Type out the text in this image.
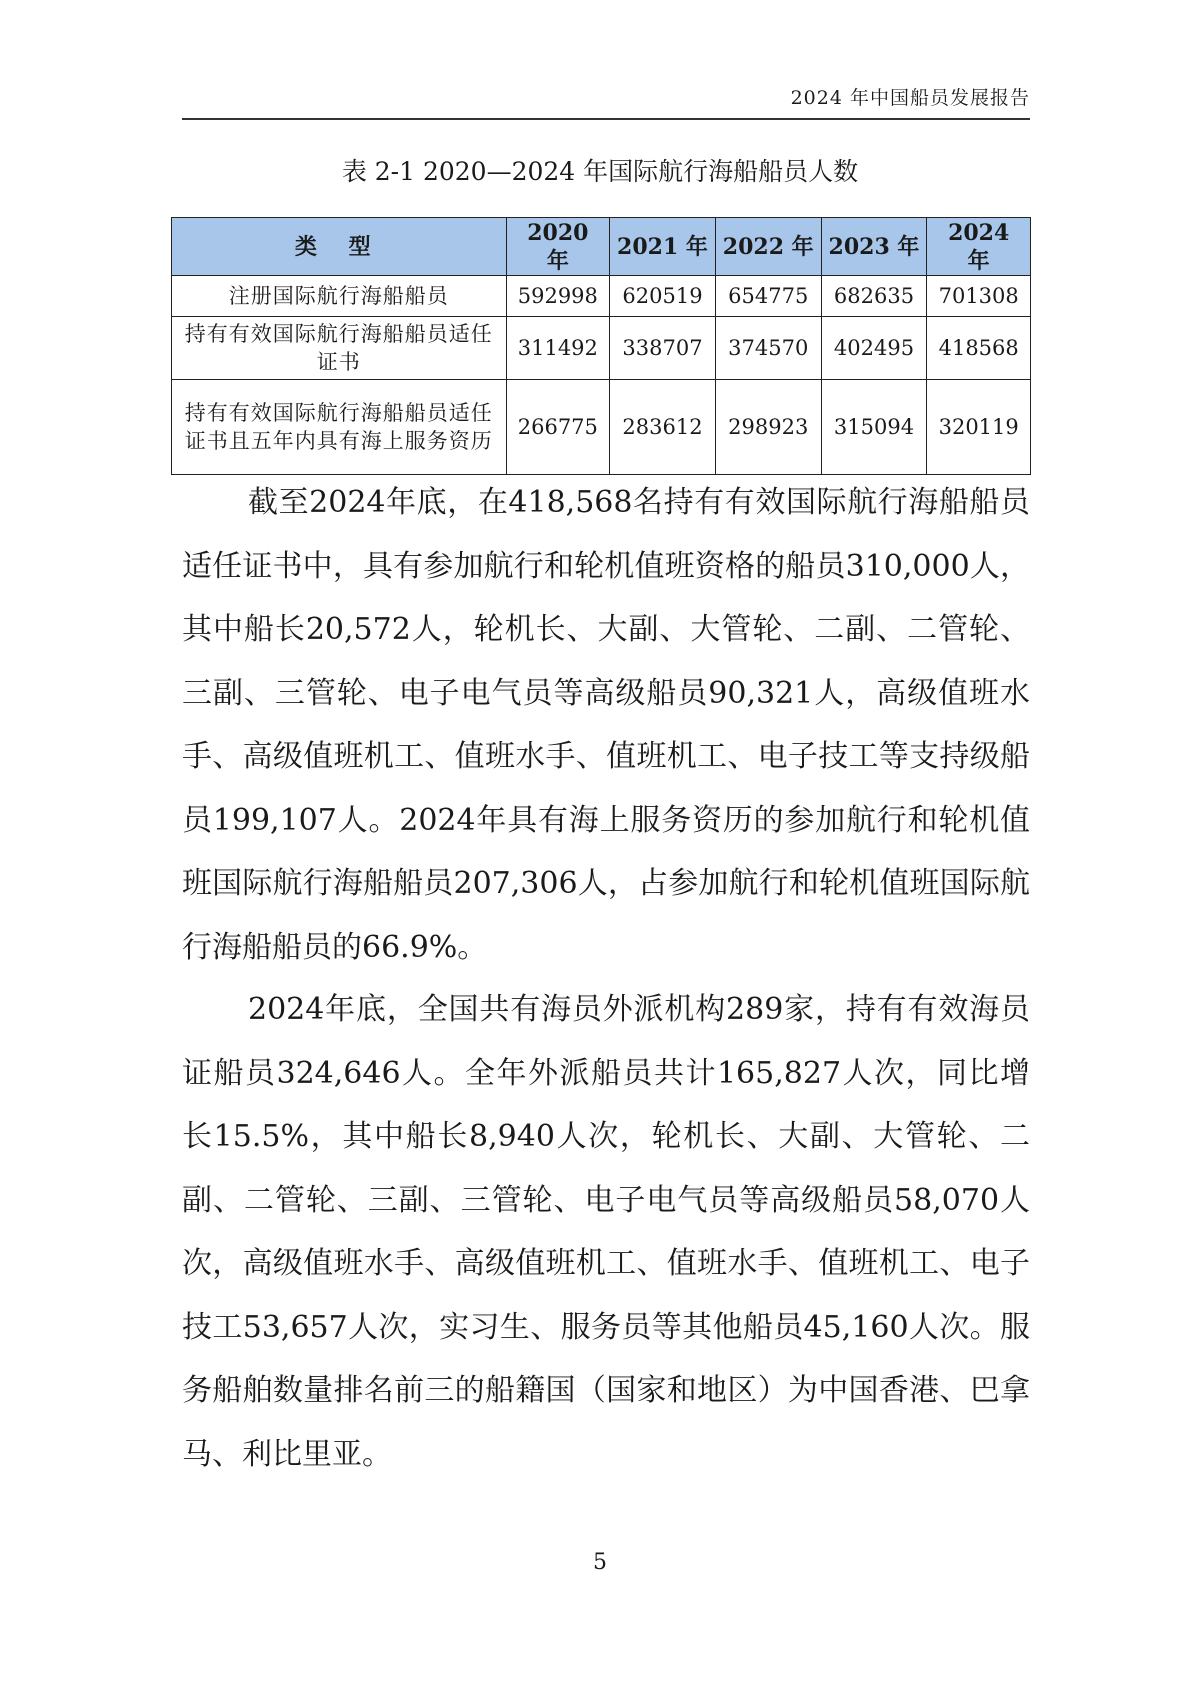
2024 年中国船员发展报告
表 2-1 2020—2024 年国际航行海船船员人数
类 型	2020 年	2021 年	2022 年	2023 年	2024 年
注册国际航行海船船员	592998	620519	654775	682635	701308
持有有效国际航行海船船员适任证书	311492	338707	374570	402495	418568
持有有效国际航行海船船员适任证书且五年内具有海上服务资历	266775	283612	298923	315094	320119

截至2024年底，在418,568名持有有效国际航行海船船员适任证书中，具有参加航行和轮机值班资格的船员310,000人，其中船长20,572人，轮机长、大副、大管轮、二副、二管轮、三副、三管轮、电子电气员等高级船员90,321人，高级值班水手、高级值班机工、值班水手、值班机工、电子技工等支持级船员199,107人。2024年具有海上服务资历的参加航行和轮机值班国际航行海船船员207,306人，占参加航行和轮机值班国际航行海船船员的66.9%。

2024年底，全国共有海员外派机构289家，持有有效海员证船员324,646人。全年外派船员共计165,827人次，同比增长15.5%，其中船长8,940人次，轮机长、大副、大管轮、二副、二管轮、三副、三管轮、电子电气员等高级船员58,070人次，高级值班水手、高级值班机工、值班水手、值班机工、电子技工53,657人次，实习生、服务员等其他船员45,160人次。服务船舶数量排名前三的船籍国（国家和地区）为中国香港、巴拿马、利比里亚。

5
